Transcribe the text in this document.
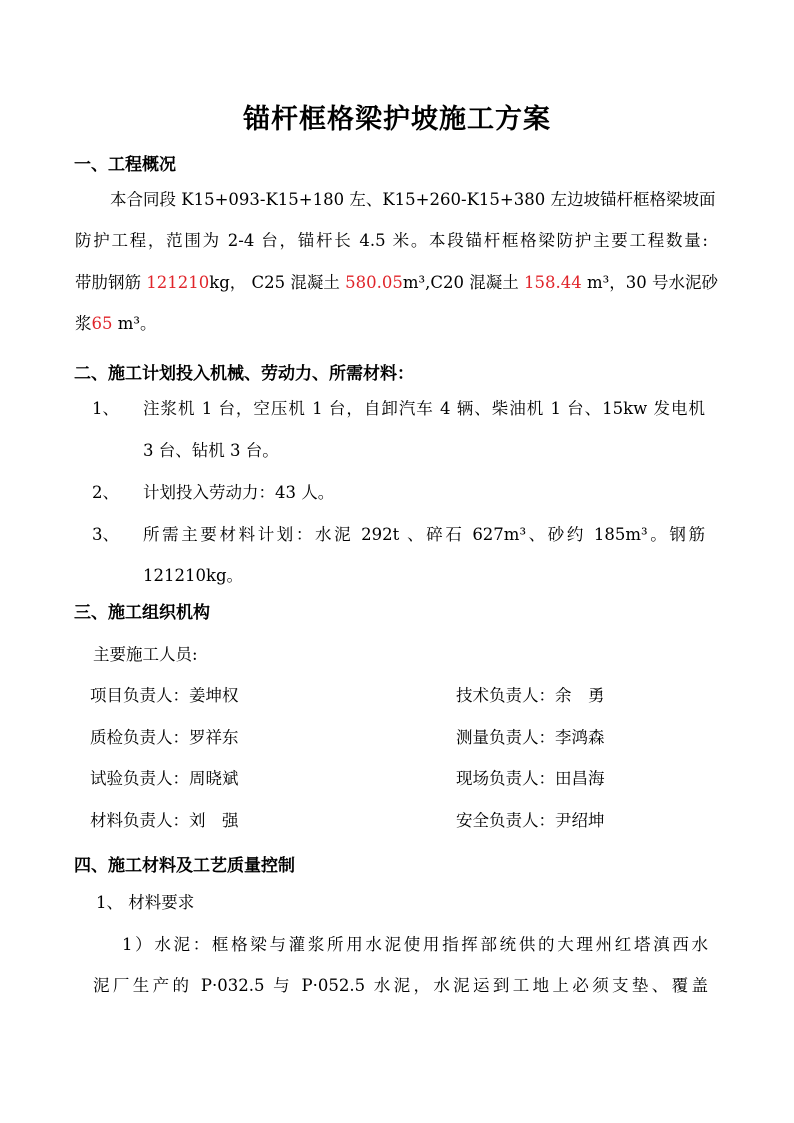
锚杆框格梁护坡施工方案
一、工程概况
本合同段 K15+093-K15+180 左、K15+260-K15+380 左边坡锚杆框格梁坡面
防护工程，范围为 2-4 台，锚杆长 4.5 米。本段锚杆框格梁防护主要工程数量:
带肋钢筋 121210kg， C25 混凝土 580.05m³,C20 混凝土 158.44 m³，30 号水泥砂
浆65 m³。
二、施工计划投入机械、劳动力、所需材料：
1、 注浆机 1 台，空压机 1 台，自卸汽车 4 辆、柴油机 1 台、15kw 发电机
3 台、钻机 3 台。
2、 计划投入劳动力：43 人。
3、 所需主要材料计划：水泥 292t 、碎石 627m³、砂约 185m³。钢筋
121210kg。
三、施工组织机构
主要施工人员:
项目负责人：姜坤权	技术负责人：余　勇
质检负责人：罗祥东	测量负责人：李鸿森
试验负责人：周晓斌	现场负责人：田昌海
材料负责人：刘　强	安全负责人：尹绍坤
四、施工材料及工艺质量控制
1、 材料要求
1）水泥：框格梁与灌浆所用水泥使用指挥部统供的大理州红塔滇西水
泥厂生产的 P·032.5 与 P·052.5 水泥，水泥运到工地上必须支垫、覆盖
